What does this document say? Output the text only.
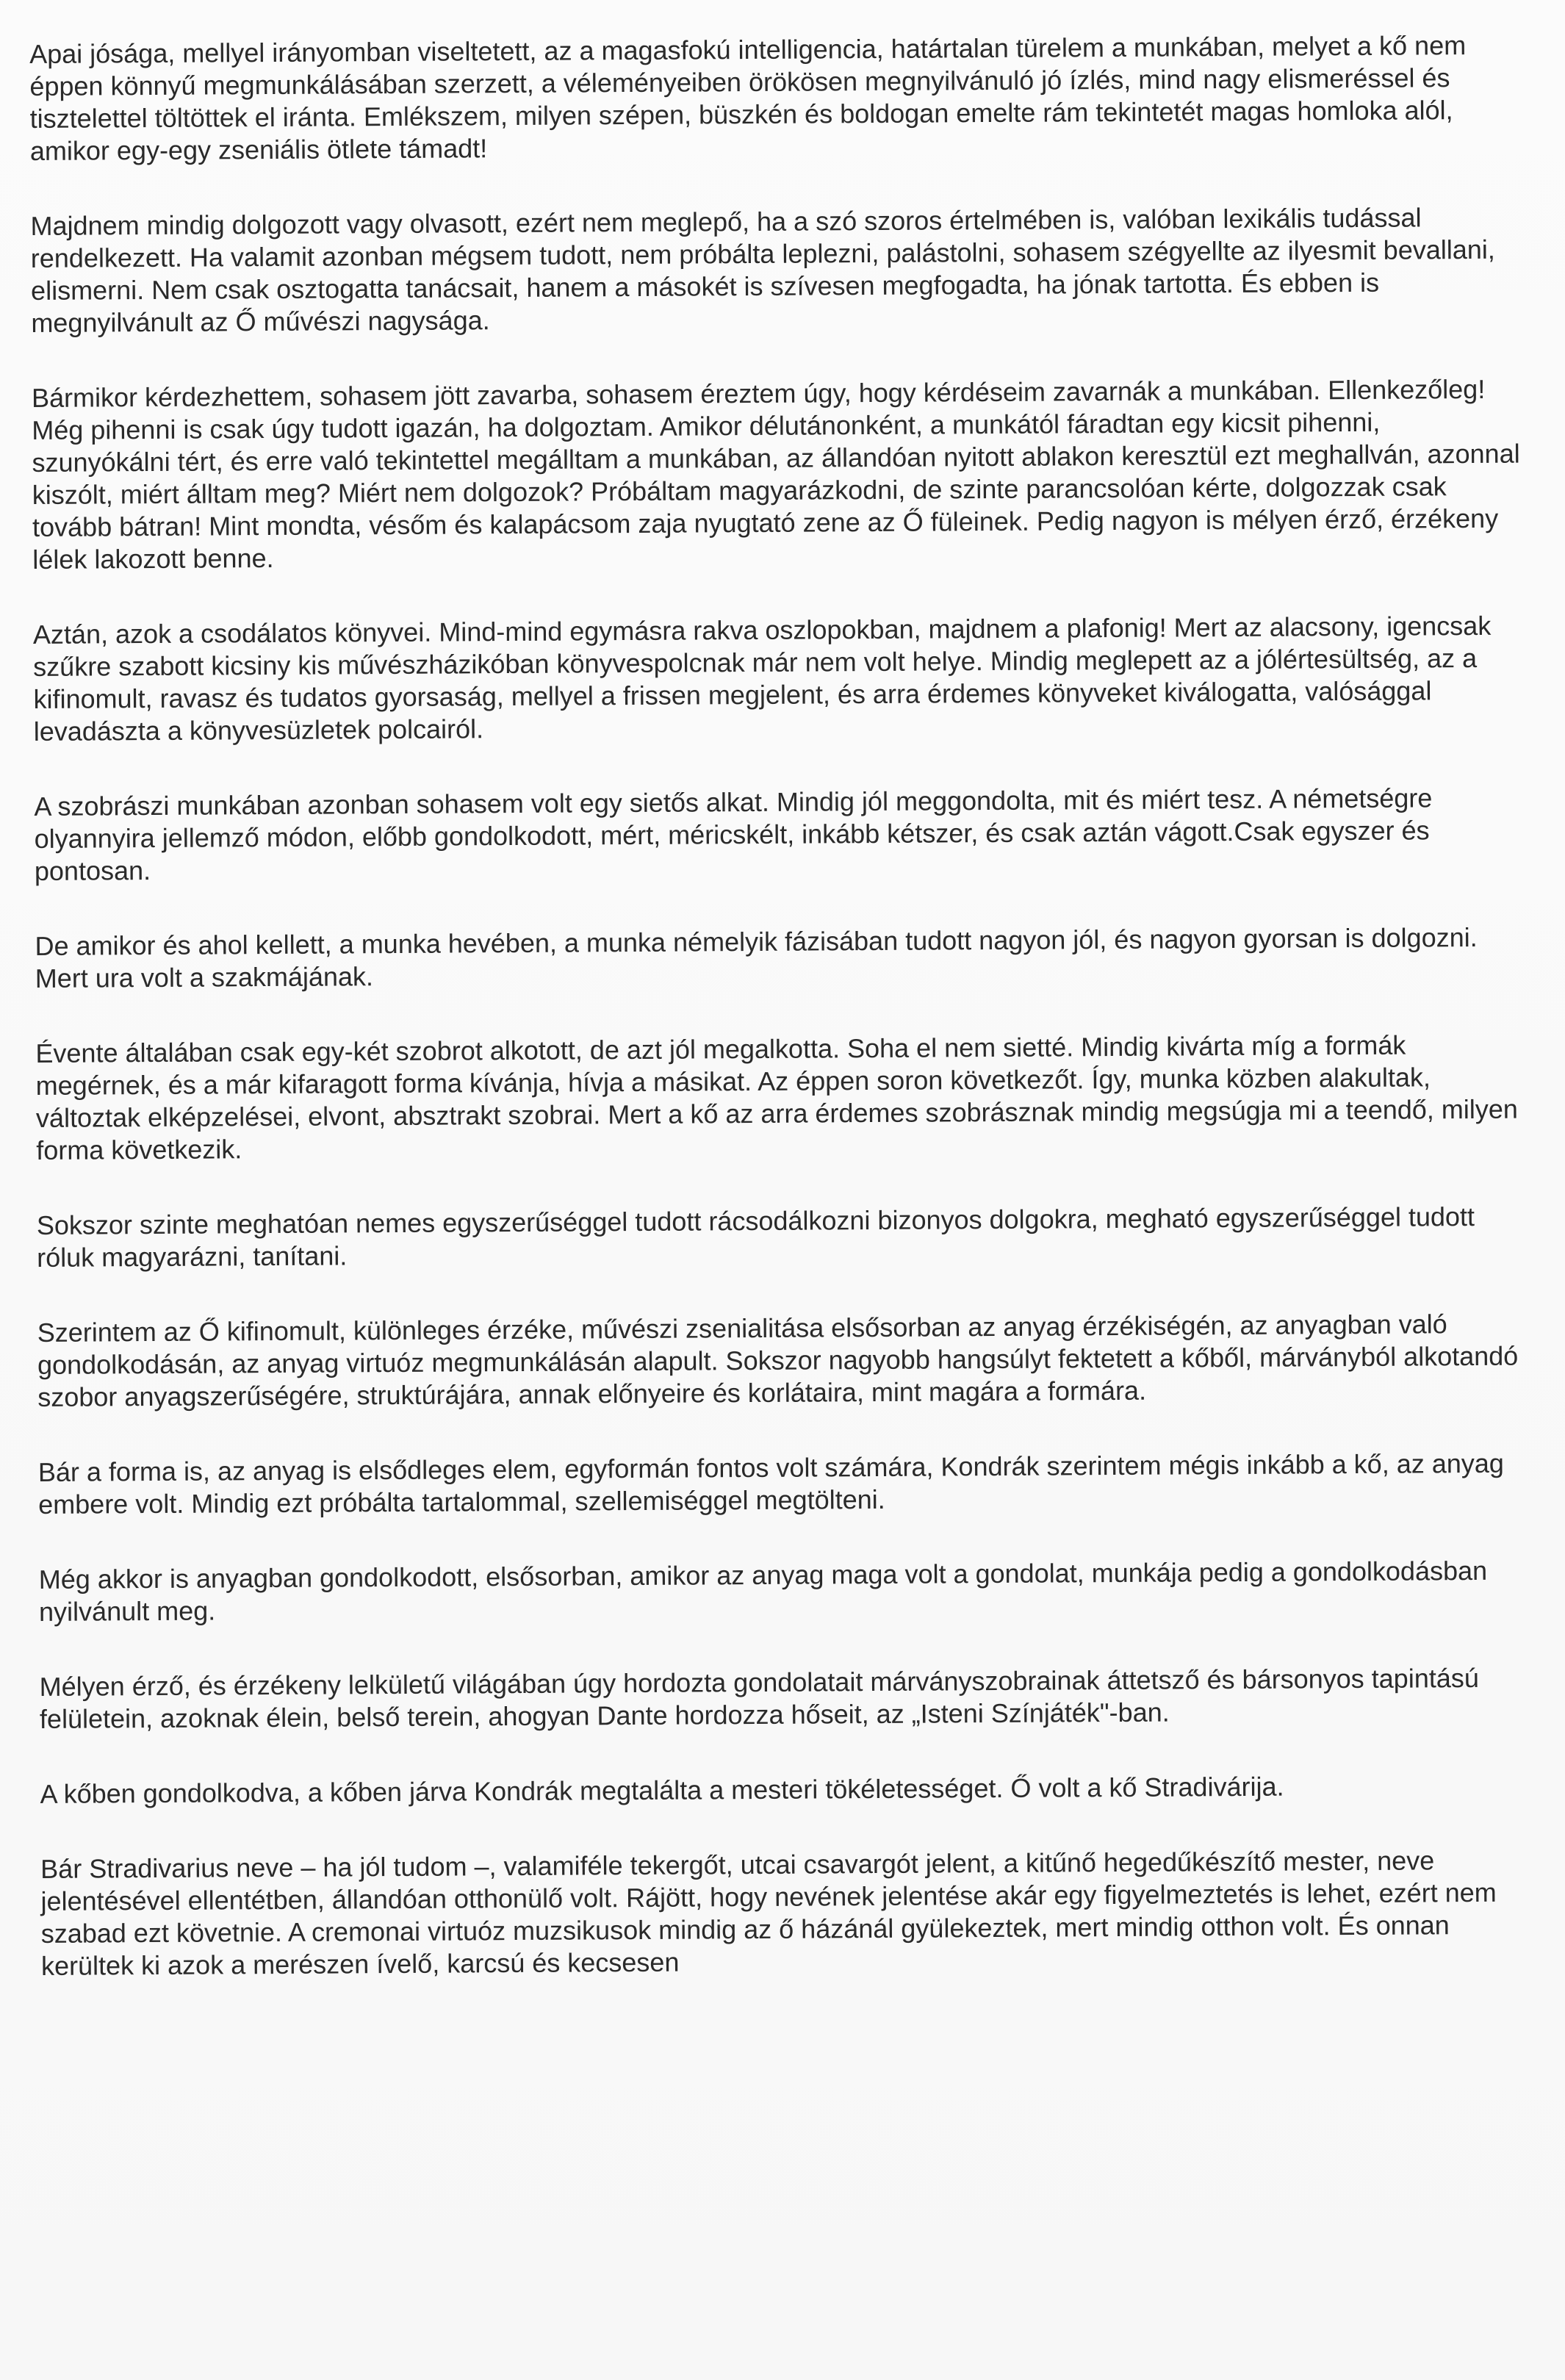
Apai jósága, mellyel irányomban viseltetett, az a magasfokú intelligencia, határtalan türelem a munkában, melyet a kő nem éppen könnyű megmunkálásában szerzett, a véleményeiben örökösen megnyilvánuló jó ízlés, mind nagy elismeréssel és tisztelettel töltöttek el iránta. Emlékszem, milyen szépen, büszkén és boldogan emelte rám tekintetét magas homloka alól, amikor egy-egy zseniális ötlete támadt!

Majdnem mindig dolgozott vagy olvasott, ezért nem meglepő, ha a szó szoros értelmében is, valóban lexikális tudással rendelkezett. Ha valamit azonban mégsem tudott, nem próbálta leplezni, palástolni, sohasem szégyellte az ilyesmit bevallani, elismerni. Nem csak osztogatta tanácsait, hanem a másokét is szívesen megfogadta, ha jónak tartotta. És ebben is megnyilvánult az Ő művészi nagysága.

Bármikor kérdezhettem, sohasem jött zavarba, sohasem éreztem úgy, hogy kérdéseim zavarnák a munkában. Ellenkezőleg! Még pihenni is csak úgy tudott igazán, ha dolgoztam. Amikor délutánonként, a munkától fáradtan egy kicsit pihenni, szunyókálni tért, és erre való tekintettel megálltam a munkában, az állandóan nyitott ablakon keresztül ezt meghallván, azonnal kiszólt, miért álltam meg? Miért nem dolgozok? Próbáltam magyarázkodni, de szinte parancsolóan kérte, dolgozzak csak tovább bátran! Mint mondta, vésőm és kalapácsom zaja nyugtató zene az Ő füleinek. Pedig nagyon is mélyen érző, érzékeny lélek lakozott benne.

Aztán, azok a csodálatos könyvei. Mind-mind egymásra rakva oszlopokban, majdnem a plafonig! Mert az alacsony, igencsak szűkre szabott kicsiny kis művészházikóban könyvespolcnak már nem volt helye. Mindig meglepett az a jólértesültség, az a kifinomult, ravasz és tudatos gyorsaság, mellyel a frissen megjelent, és arra érdemes könyveket kiválogatta, valósággal levadászta a könyvesüzletek polcairól.

A szobrászi munkában azonban sohasem volt egy sietős alkat. Mindig jól meggondolta, mit és miért tesz. A németségre olyannyira jellemző módon, előbb gondolkodott, mért, méricskélt, inkább kétszer, és csak aztán vágott.Csak egyszer és pontosan.

De amikor és ahol kellett, a munka hevében, a munka némelyik fázisában tudott nagyon jól, és nagyon gyorsan is dolgozni. Mert ura volt a szakmájának.

Évente általában csak egy-két szobrot alkotott, de azt jól megalkotta. Soha el nem sietté. Mindig kivárta míg a formák megérnek, és a már kifaragott forma kívánja, hívja a másikat. Az éppen soron következőt. Így, munka közben alakultak, változtak elképzelései, elvont, absztrakt szobrai. Mert a kő az arra érdemes szobrásznak mindig megsúgja mi a teendő, milyen forma következik.

Sokszor szinte meghatóan nemes egyszerűséggel tudott rácsodálkozni bizonyos dolgokra, megható egyszerűséggel tudott róluk magyarázni, tanítani.

Szerintem az Ő kifinomult, különleges érzéke, művészi zsenialitása elsősorban az anyag érzékiségén, az anyagban való gondolkodásán, az anyag virtuóz megmunkálásán alapult. Sokszor nagyobb hangsúlyt fektetett a kőből, márványból alkotandó szobor anyagszerűségére, struktúrájára, annak előnyeire és korlátaira, mint magára a formára.

Bár a forma is, az anyag is elsődleges elem, egyformán fontos volt számára, Kondrák szerintem mégis inkább a kő, az anyag embere volt. Mindig ezt próbálta tartalommal, szellemiséggel megtölteni.

Még akkor is anyagban gondolkodott, elsősorban, amikor az anyag maga volt a gondolat, munkája pedig a gondolkodásban nyilvánult meg.

Mélyen érző, és érzékeny lelkületű világában úgy hordozta gondolatait márványszobrainak áttetsző és bársonyos tapintású felületein, azoknak élein, belső terein, ahogyan Dante hordozza hőseit, az „Isteni Színjáték"-ban.

A kőben gondolkodva, a kőben járva Kondrák megtalálta a mesteri tökéletességet. Ő volt a kő Stradivárija.

Bár Stradivarius neve – ha jól tudom –, valamiféle tekergőt, utcai csavargót jelent, a kitűnő hegedűkészítő mester, neve jelentésével ellentétben, állandóan otthonülő volt. Rájött, hogy nevének jelentése akár egy figyelmeztetés is lehet, ezért nem szabad ezt követnie. A cremonai virtuóz muzsikusok mindig az ő házánál gyülekeztek, mert mindig otthon volt. És onnan kerültek ki azok a merészen ívelő, karcsú és kecsesen
